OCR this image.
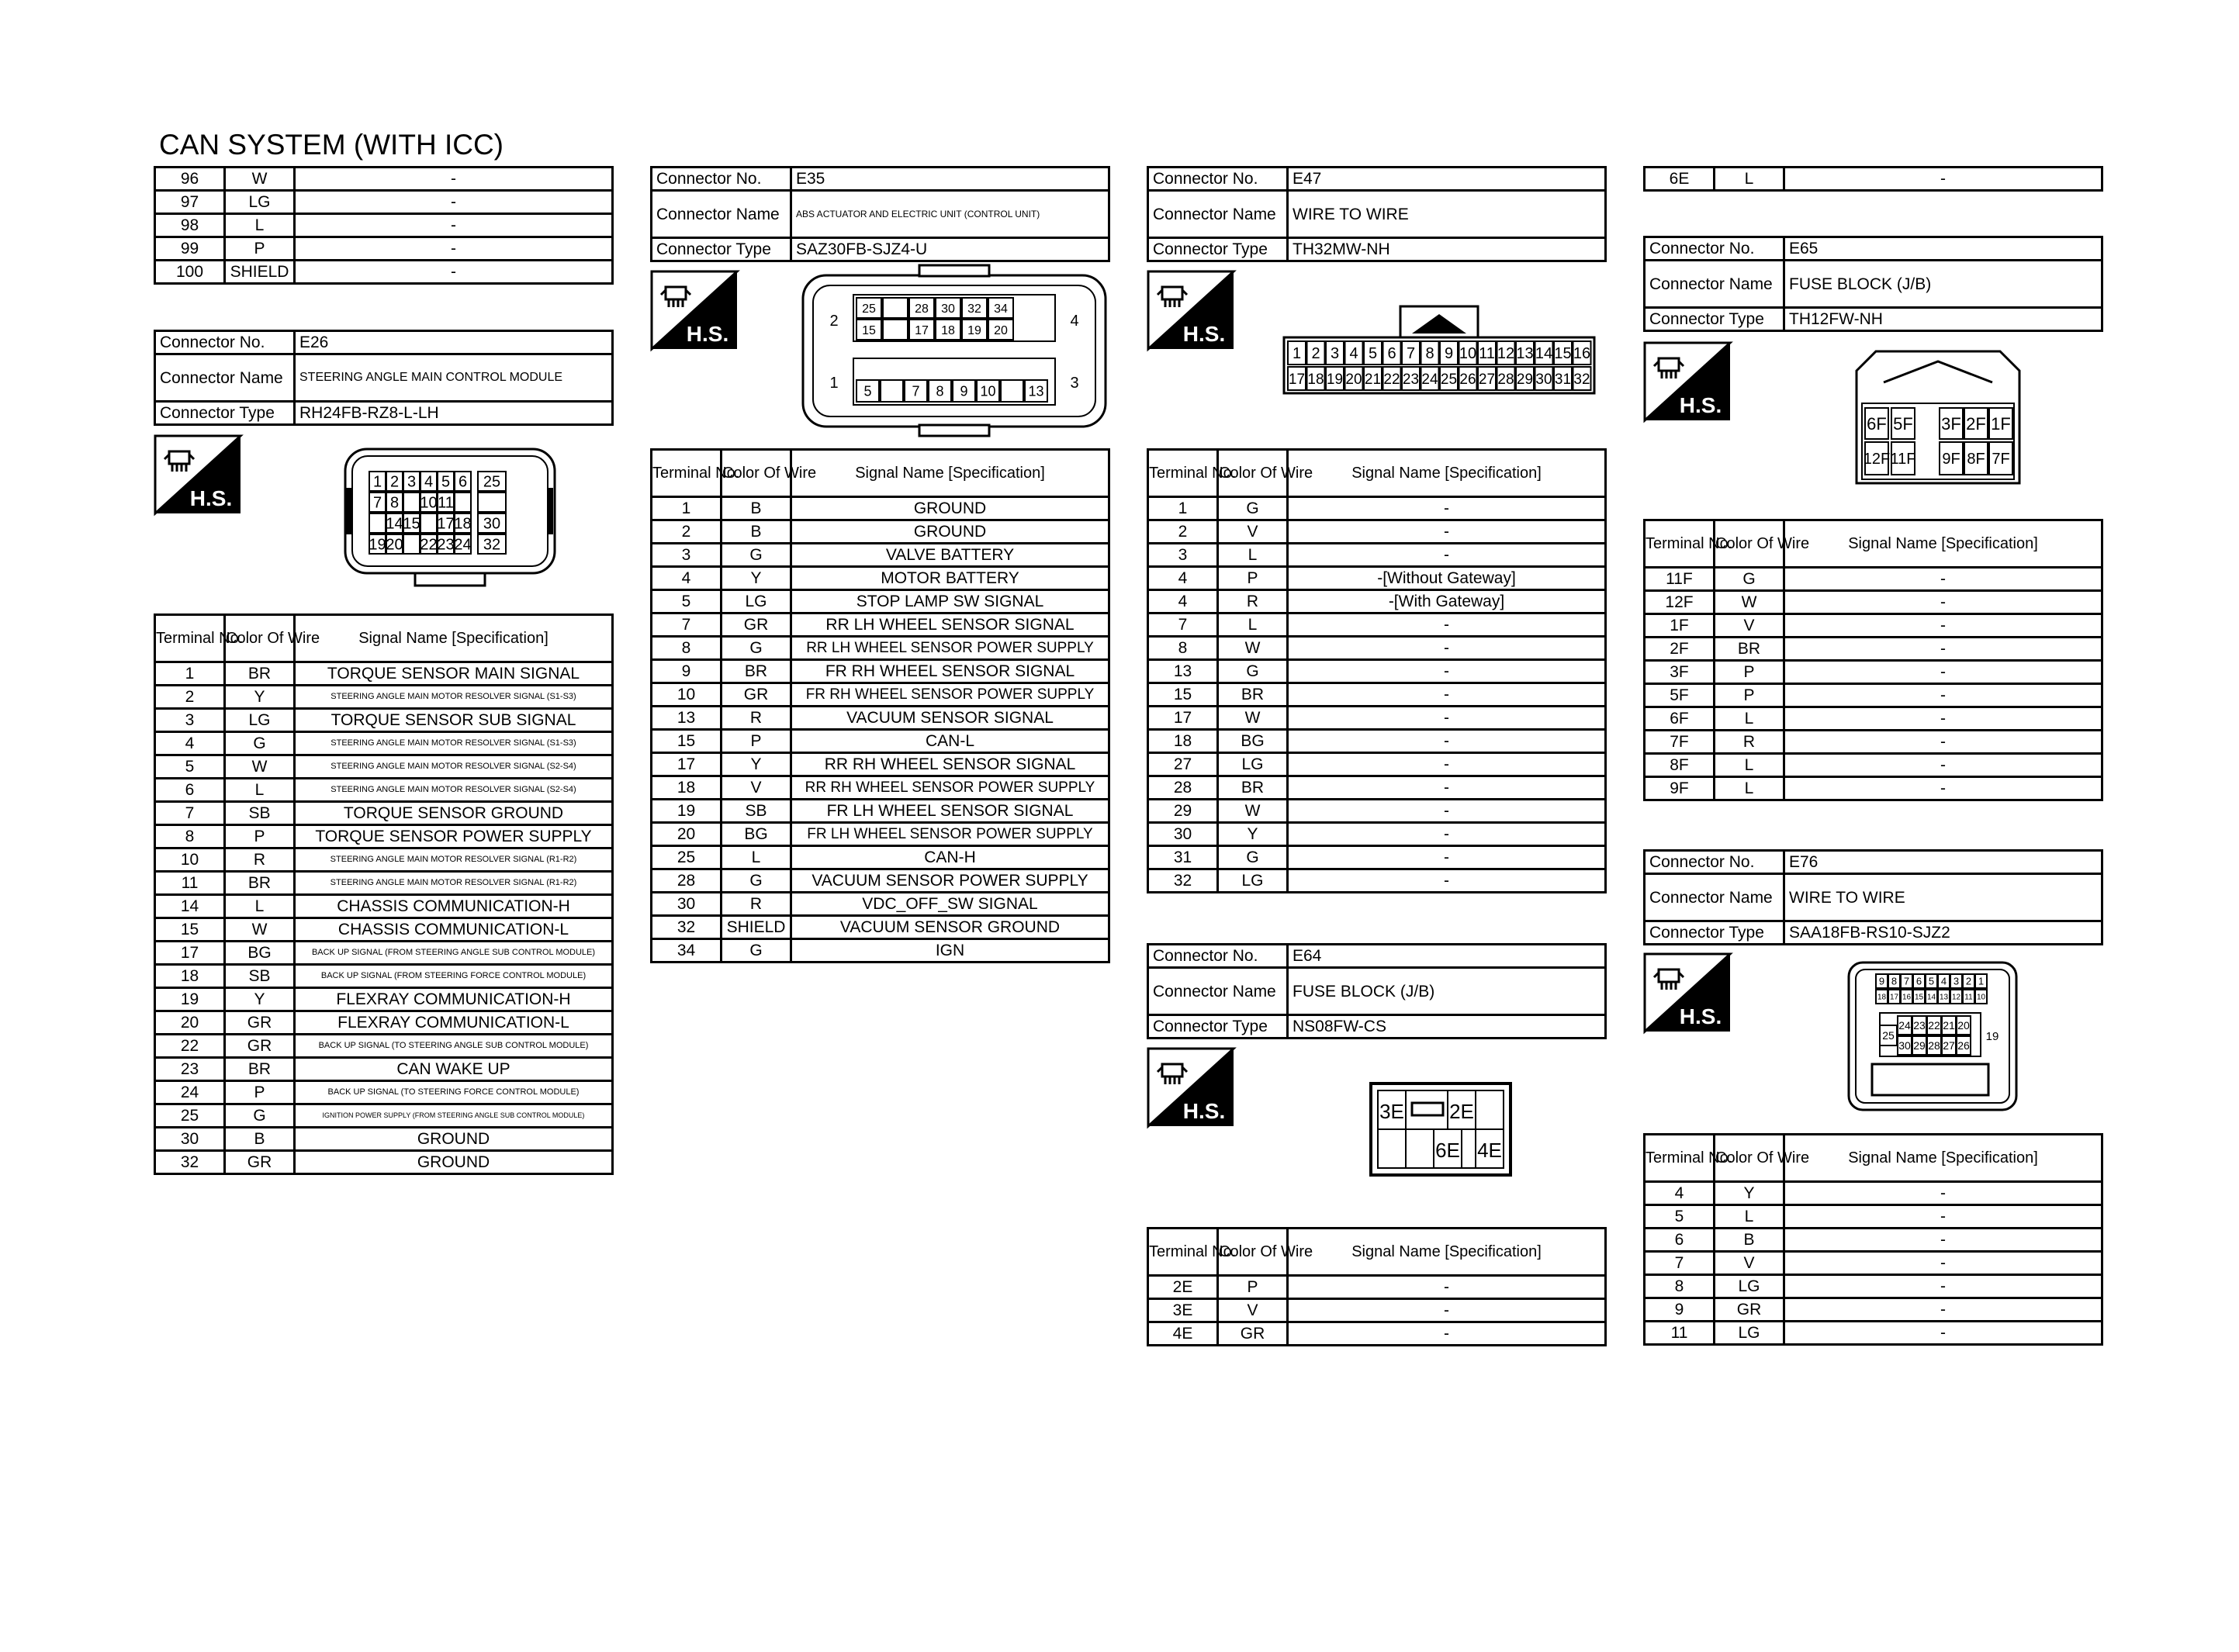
CAN SYSTEM (WITH ICC)
96	W	-
97	LG	-
98	L	-
99	P	-
100	SHIELD	-
Connector No.	E26
Connector Name	STEERING ANGLE MAIN CONTROL MODULE
Connector Type	RH24FB-RZ8-L-LH
H.S.
1 2 3 4 5 6 25
7 8 10 11
14 15 17 18 30
19 20 22 23 24 32
Terminal No.	Color Of Wire	Signal Name [Specification]
1	BR	TORQUE SENSOR MAIN SIGNAL
2	Y	STEERING ANGLE MAIN MOTOR RESOLVER SIGNAL (S1-S3)
3	LG	TORQUE SENSOR SUB SIGNAL
4	G	STEERING ANGLE MAIN MOTOR RESOLVER SIGNAL (S1-S3)
5	W	STEERING ANGLE MAIN MOTOR RESOLVER SIGNAL (S2-S4)
6	L	STEERING ANGLE MAIN MOTOR RESOLVER SIGNAL (S2-S4)
7	SB	TORQUE SENSOR GROUND
8	P	TORQUE SENSOR POWER SUPPLY
10	R	STEERING ANGLE MAIN MOTOR RESOLVER SIGNAL (R1-R2)
11	BR	STEERING ANGLE MAIN MOTOR RESOLVER SIGNAL (R1-R2)
14	L	CHASSIS COMMUNICATION-H
15	W	CHASSIS COMMUNICATION-L
17	BG	BACK UP SIGNAL (FROM STEERING ANGLE SUB CONTROL MODULE)
18	SB	BACK UP SIGNAL (FROM STEERING FORCE CONTROL MODULE)
19	Y	FLEXRAY COMMUNICATION-H
20	GR	FLEXRAY COMMUNICATION-L
22	GR	BACK UP SIGNAL (TO STEERING ANGLE SUB CONTROL MODULE)
23	BR	CAN WAKE UP
24	P	BACK UP SIGNAL (TO STEERING FORCE CONTROL MODULE)
25	G	IGNITION POWER SUPPLY (FROM STEERING ANGLE SUB CONTROL MODULE)
30	B	GROUND
32	GR	GROUND
Connector No.	E35
Connector Name	ABS ACTUATOR AND ELECTRIC UNIT (CONTROL UNIT)
Connector Type	SAZ30FB-SJZ4-U
H.S.
25	28 30 32 34
15	17 18 19 20
5	7 8 9 10 13
2	4
1	3
Terminal No.	Color Of Wire	Signal Name [Specification]
1	B	GROUND
2	B	GROUND
3	G	VALVE BATTERY
4	Y	MOTOR BATTERY
5	LG	STOP LAMP SW SIGNAL
7	GR	RR LH WHEEL SENSOR SIGNAL
8	G	RR LH WHEEL SENSOR POWER SUPPLY
9	BR	FR RH WHEEL SENSOR SIGNAL
10	GR	FR RH WHEEL SENSOR POWER SUPPLY
13	R	VACUUM SENSOR SIGNAL
15	P	CAN-L
17	Y	RR RH WHEEL SENSOR SIGNAL
18	V	RR RH WHEEL SENSOR POWER SUPPLY
19	SB	FR LH WHEEL SENSOR SIGNAL
20	BG	FR LH WHEEL SENSOR POWER SUPPLY
25	L	CAN-H
28	G	VACUUM SENSOR POWER SUPPLY
30	R	VDC_OFF_SW SIGNAL
32	SHIELD	VACUUM SENSOR GROUND
34	G	IGN
Connector No.	E47
Connector Name	WIRE TO WIRE
Connector Type	TH32MW-NH
H.S.
1 2 3 4 5 6 7 8 9 10 11 12 13 14 15 16
17 18 19 20 21 22 23 24 25 26 27 28 29 30 31 32
Terminal No.	Color Of Wire	Signal Name [Specification]
1	G	-
2	V	-
3	L	-
4	P	-[Without Gateway]
4	R	-[With Gateway]
7	L	-
8	W	-
13	G	-
15	BR	-
17	W	-
18	BG	-
27	LG	-
28	BR	-
29	W	-
30	Y	-
31	G	-
32	LG	-
Connector No.	E64
Connector Name	FUSE BLOCK (J/B)
Connector Type	NS08FW-CS
H.S.	3E 2E
6E 4E
Terminal No.	Color Of Wire	Signal Name [Specification]
2E	P	-
3E	V	-
4E	GR	-
6E	L	-
Connector No.	E65
Connector Name	FUSE BLOCK (J/B)
Connector Type	TH12FW-NH
H.S.
6F 5F 3F 2F 1F
12F 11F 9F 8F 7F
Terminal No.	Color Of Wire	Signal Name [Specification]
11F	G	-
12F	W	-
1F	V	-
2F	BR	-
3F	P	-
5F	P	-
6F	L	-
7F	R	-
8F	L	-
9F	L	-
Connector No.	E76
Connector Name	WIRE TO WIRE
Connector Type	SAA18FB-RS10-SJZ2
H.S.
9 8 7 6 5 4 3 2 1
18 17 16 15 14 13 12 11 10
24 23 22 21 20
30 29 28 27 26
25	19
Terminal No.	Color Of Wire	Signal Name [Specification]
4	Y	-
5	L	-
6	B	-
7	V	-
8	LG	-
9	GR	-
11	LG	-
